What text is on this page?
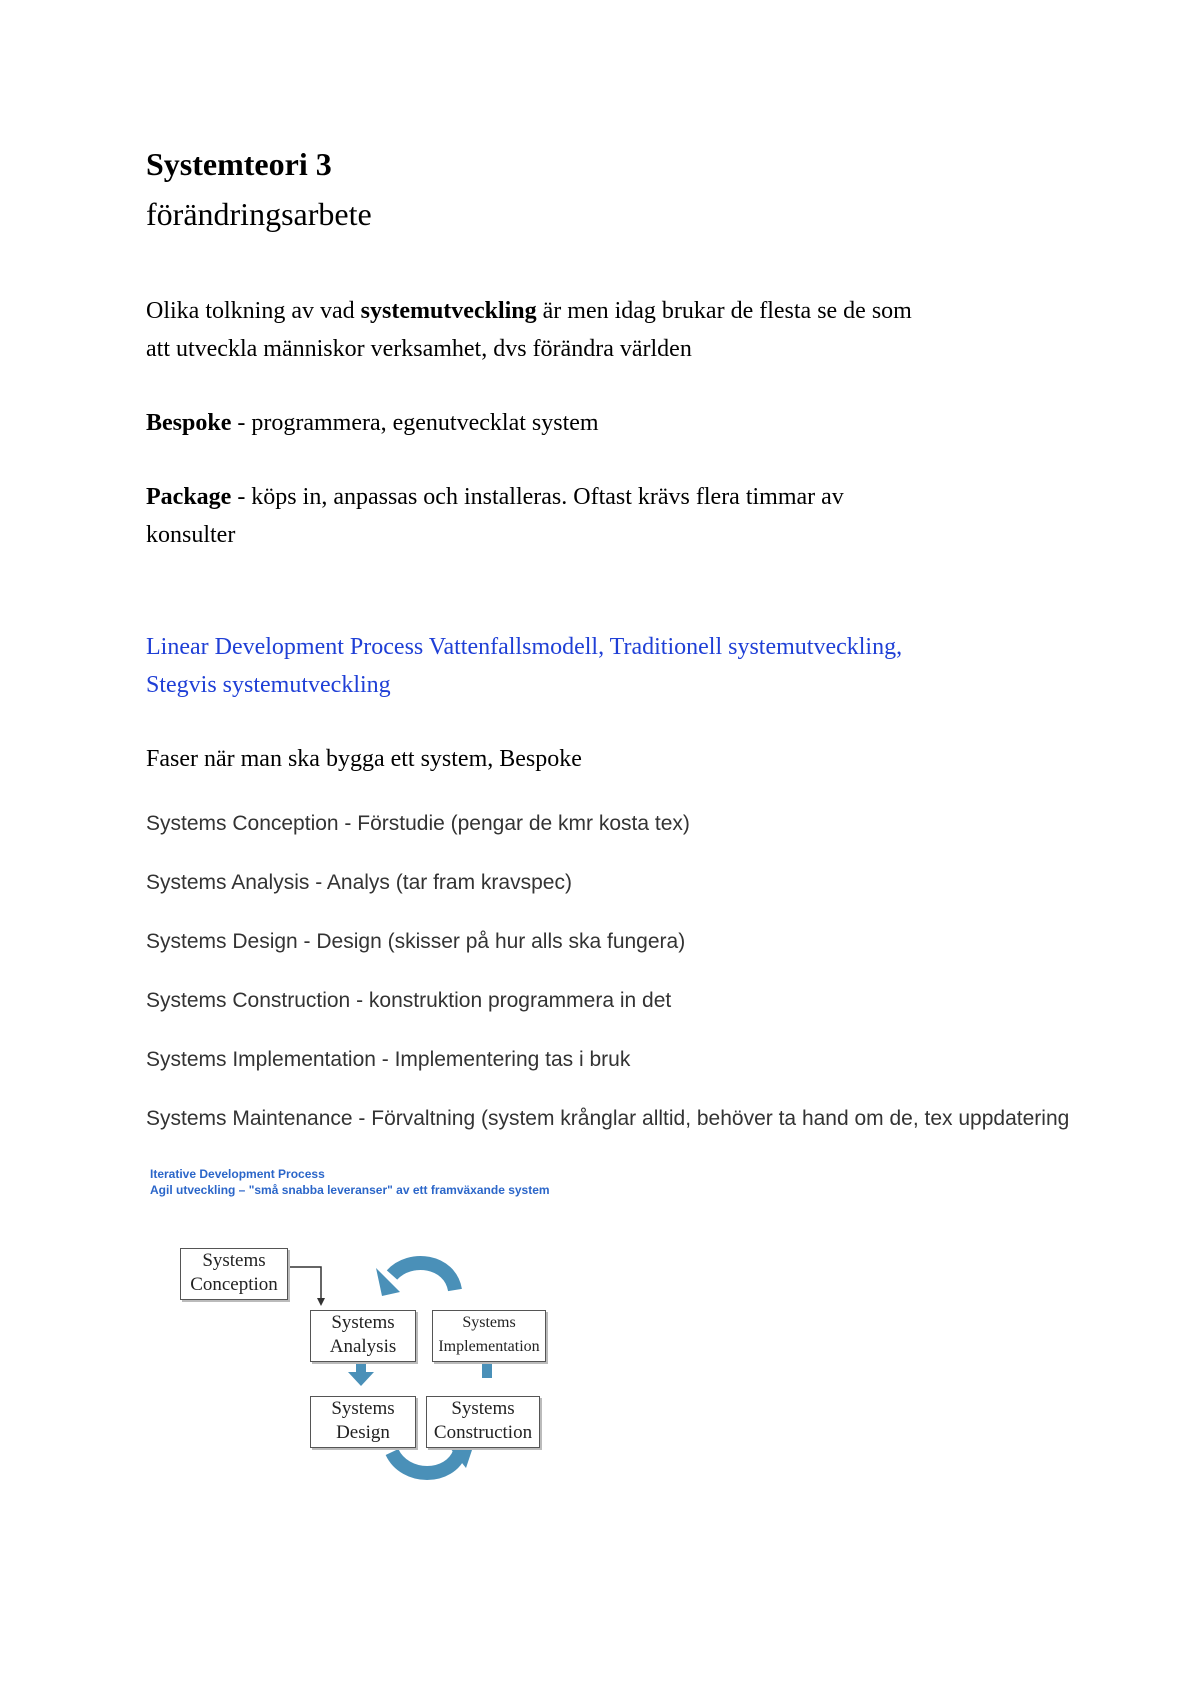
Systemteori 3
förändringsarbete
Olika tolkning av vad systemutveckling är men idag brukar de flesta se de som
att utveckla människor verksamhet, dvs förändra världen
Bespoke - programmera, egenutvecklat system
Package - köps in, anpassas och installeras. Oftast krävs flera timmar av
konsulter
Linear Development Process Vattenfallsmodell, Traditionell systemutveckling,
Stegvis systemutveckling
Faser när man ska bygga ett system, Bespoke
Systems Conception - Förstudie (pengar de kmr kosta tex)
Systems Analysis - Analys (tar fram kravspec)
Systems Design - Design (skisser på hur alls ska fungera)
Systems Construction - konstruktion programmera in det
Systems Implementation - Implementering tas i bruk
Systems Maintenance - Förvaltning (system krånglar alltid, behöver ta hand om de, tex uppdatering
Iterative Development Process
Agil utveckling – "små snabba leveranser" av ett framväxande system
Systems
Conception
Systems
Analysis
Systems
Implementation
Systems
Design
Systems
Construction
